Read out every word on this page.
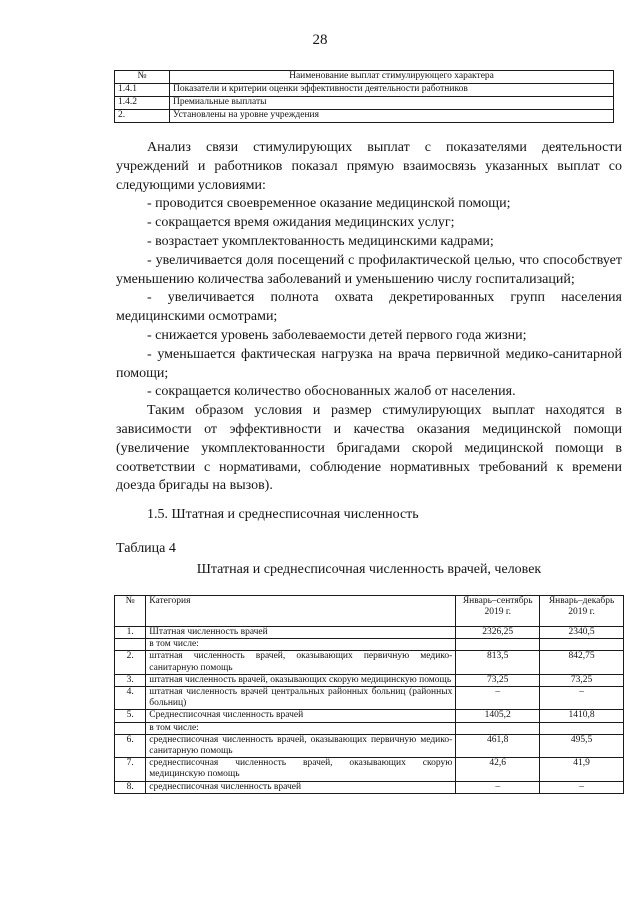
28
№	Наименование выплат стимулирующего характера
1.4.1	Показатели и критерии оценки эффективности деятельности работников
1.4.2	Премиальные выплаты
2.	Установлены на уровне учреждения

Анализ связи стимулирующих выплат с показателями деятельности учреждений и работников показал прямую взаимосвязь указанных выплат со следующими условиями:

- проводится своевременное оказание медицинской помощи;

- сокращается время ожидания медицинских услуг;

- возрастает укомплектованность медицинскими кадрами;

- увеличивается доля посещений с профилактической целью, что способствует уменьшению количества заболеваний и уменьшению числу госпитализаций;

- увеличивается полнота охвата декретированных групп населения медицинскими осмотрами;

- снижается уровень заболеваемости детей первого года жизни;

- уменьшается фактическая нагрузка на врача первичной медико-санитарной помощи;

- сокращается количество обоснованных жалоб от населения.

Таким образом условия и размер стимулирующих выплат находятся в зависимости от эффективности и качества оказания медицинской помощи (увеличение укомплектованности бригадами скорой медицинской помощи в соответствии с нормативами, соблюдение нормативных требований к времени доезда бригады на вызов).

1.5. Штатная и среднесписочная численность
Таблица 4
Штатная и среднесписочная численность врачей, человек
№	Категория	Январь–сентябрь 2019 г.	Январь–декабрь 2019 г.
1.	Штатная численность врачей	2326,25	2340,5
	в том числе:		
2.	штатная численность врачей, оказывающих первичную медико-санитарную помощь	813,5	842,75
3.	штатная численность врачей, оказывающих скорую медицинскую помощь	73,25	73,25
4.	штатная численность врачей центральных районных больниц (районных больниц)	–	–
5.	Среднесписочная численность врачей	1405,2	1410,8
	в том числе:		
6.	среднесписочная численность врачей, оказывающих первичную медико-санитарную помощь	461,8	495,5
7.	среднесписочная численность врачей, оказывающих скорую медицинскую помощь	42,6	41,9
8.	среднесписочная численность врачей	–	–
